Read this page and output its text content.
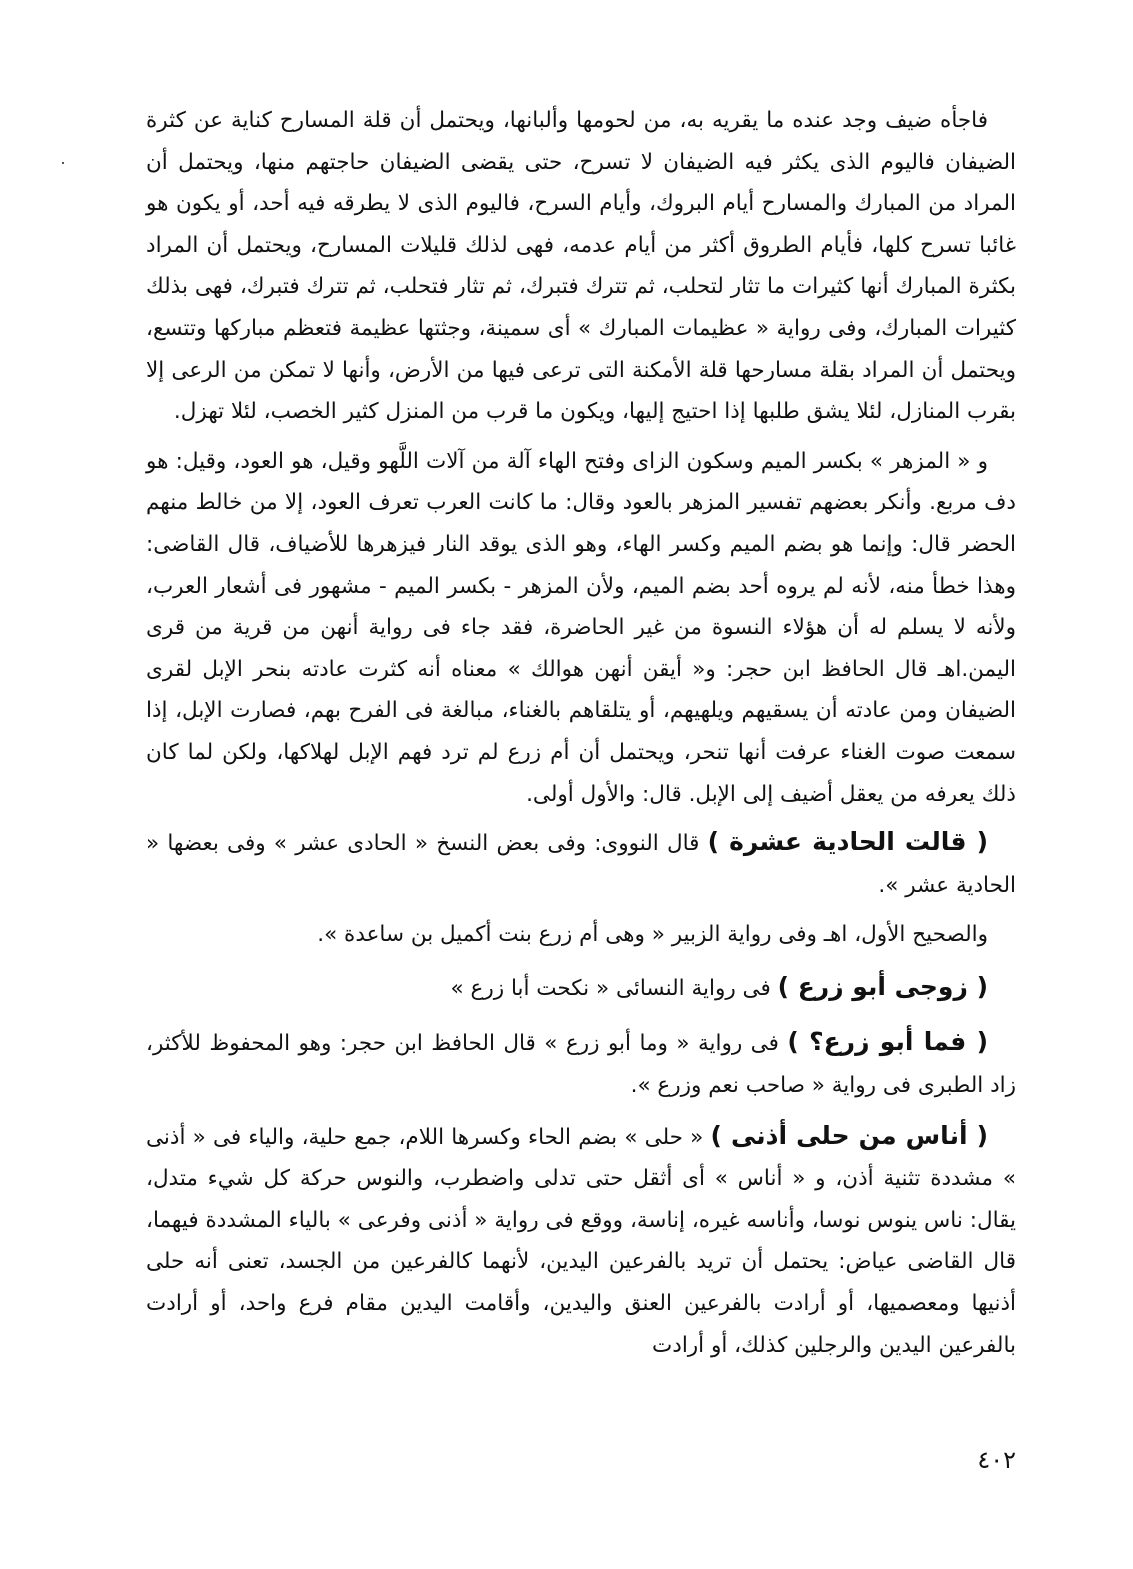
فاجأه ضيف وجد عنده ما يقريه به، من لحومها وألبانها، ويحتمل أن قلة المسارح كناية عن كثرة الضيفان فاليوم الذى يكثر فيه الضيفان لا تسرح، حتى يقضى الضيفان حاجتهم منها، ويحتمل أن المراد من المبارك والمسارح أيام البروك، وأيام السرح، فاليوم الذى لا يطرقه فيه أحد، أو يكون هو غائبا تسرح كلها، فأيام الطروق أكثر من أيام عدمه، فهى لذلك قليلات المسارح، ويحتمل أن المراد بكثرة المبارك أنها كثيرات ما تثار لتحلب، ثم تترك فتبرك، ثم تثار فتحلب، ثم تترك فتبرك، فهى بذلك كثيرات المبارك، وفى رواية « عظيمات المبارك » أى سمينة، وجثتها عظيمة فتعظم مباركها وتتسع، ويحتمل أن المراد بقلة مسارحها قلة الأمكنة التى ترعى فيها من الأرض، وأنها لا تمكن من الرعى إلا بقرب المنازل، لئلا يشق طلبها إذا احتيج إليها، ويكون ما قرب من المنزل كثير الخصب، لئلا تهزل.

و « المزهر » بكسر الميم وسكون الزاى وفتح الهاء آلة من آلات اللَّهو وقيل، هو العود، وقيل: هو دف مربع. وأنكر بعضهم تفسير المزهر بالعود وقال: ما كانت العرب تعرف العود، إلا من خالط منهم الحضر قال: وإنما هو بضم الميم وكسر الهاء، وهو الذى يوقد النار فيزهرها للأضياف، قال القاضى: وهذا خطأ منه، لأنه لم يروه أحد بضم الميم، ولأن المزهر - بكسر الميم - مشهور فى أشعار العرب، ولأنه لا يسلم له أن هؤلاء النسوة من غير الحاضرة، فقد جاء فى رواية أنهن من قرية من قرى اليمن.اهـ قال الحافظ ابن حجر: و« أيقن أنهن هوالك » معناه أنه كثرت عادته بنحر الإبل لقرى الضيفان ومن عادته أن يسقيهم ويلهيهم، أو يتلقاهم بالغناء، مبالغة فى الفرح بهم، فصارت الإبل، إذا سمعت صوت الغناء عرفت أنها تنحر، ويحتمل أن أم زرع لم ترد فهم الإبل لهلاكها، ولكن لما كان ذلك يعرفه من يعقل أضيف إلى الإبل. قال: والأول أولى.

( قالت الحادية عشرة ) قال النووى: وفى بعض النسخ « الحادى عشر » وفى بعضها « الحادية عشر ».

والصحيح الأول، اهـ وفى رواية الزبير « وهى أم زرع بنت أكميل بن ساعدة ».

( زوجى أبو زرع ) فى رواية النسائى « نكحت أبا زرع »

( فما أبو زرع؟ ) فى رواية « وما أبو زرع » قال الحافظ ابن حجر: وهو المحفوظ للأكثر، زاد الطبرى فى رواية « صاحب نعم وزرع ».

( أناس من حلى أذنى ) « حلى » بضم الحاء وكسرها اللام، جمع حلية، والياء فى « أذنى » مشددة تثنية أذن، و « أناس » أى أثقل حتى تدلى واضطرب، والنوس حركة كل شيء متدل، يقال: ناس ينوس نوسا، وأناسه غيره، إناسة، ووقع فى رواية « أذنى وفرعى » بالياء المشددة فيهما، قال القاضى عياض: يحتمل أن تريد بالفرعين اليدين، لأنهما كالفرعين من الجسد، تعنى أنه حلى أذنيها ومعصميها، أو أرادت بالفرعين العنق واليدين، وأقامت اليدين مقام فرع واحد، أو أرادت بالفرعين اليدين والرجلين كذلك، أو أرادت

٤٠٢
